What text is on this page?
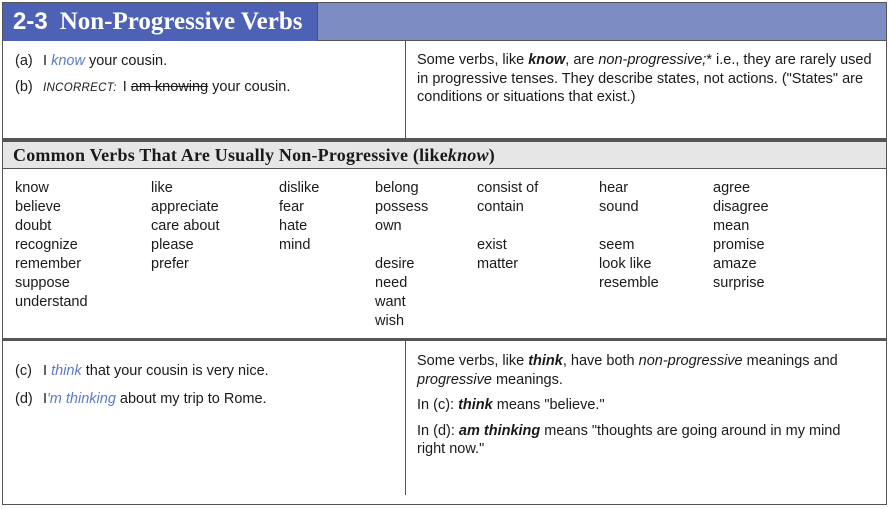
2-3 Non-Progressive Verbs
(a) I know your cousin.
(b) INCORRECT: I am knowing your cousin.
Some verbs, like know, are non-progressive;* i.e., they are rarely used in progressive tenses. They describe states, not actions. ("States" are conditions or situations that exist.)
Common Verbs That Are Usually Non-Progressive (like know )
know
believe
doubt
recognize
remember
suppose
understand
like
appreciate
care about
please
prefer
dislike
fear
hate
mind
belong
possess
own
desire
need
want
wish
consist of
contain
exist
matter
hear
sound
seem
look like
resemble
agree
disagree
mean
promise
amaze
surprise
(c) I think that your cousin is very nice.
(d) I'm thinking about my trip to Rome.
Some verbs, like think, have both non-progressive meanings and progressive meanings.
In (c): think means "believe."
In (d): am thinking means "thoughts are going around in my mind right now."
